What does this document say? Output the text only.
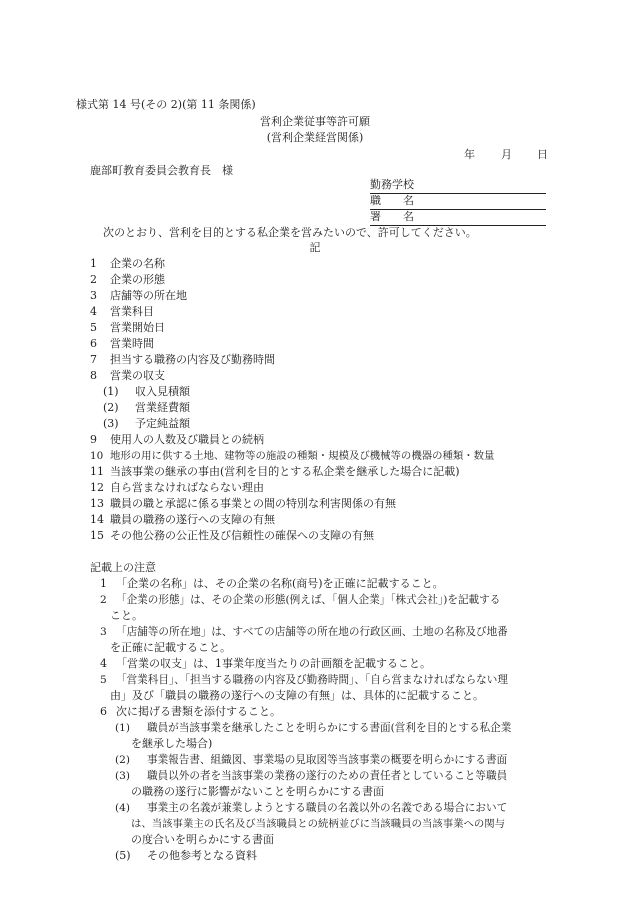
様式第 14 号(その 2)(第 11 条関係)
営利企業従事等許可願
(営利企業経営関係)
年 月 日
鹿部町教育委員会教育長　様
勤務学校
職　　名
署　　名
次のとおり、営利を目的とする私企業を営みたいので、許可してください。
記
1 企業の名称
2 企業の形態
3 店舗等の所在地
4 営業科目
5 営業開始日
6 営業時間
7 担当する職務の内容及び勤務時間
8 営業の収支
(1) 収入見積額
(2) 営業経費額
(3) 予定純益額
9 使用人の人数及び職員との続柄
10 地形の用に供する土地、建物等の施設の種類・規模及び機械等の機器の種類・数量
11 当該事業の継承の事由(営利を目的とする私企業を継承した場合に記載)
12 自ら営まなければならない理由
13 職員の職と承認に係る事業との間の特別な利害関係の有無
14 職員の職務の遂行への支障の有無
15 その他公務の公正性及び信頼性の確保への支障の有無
記載上の注意
1 「企業の名称」は、その企業の名称(商号)を正確に記載すること。
2 「企業の形態」は、その企業の形態(例えば、「個人企業」「株式会社」)を記載する
こと。
3 「店舗等の所在地」は、すべての店舗等の所在地の行政区画、土地の名称及び地番
を正確に記載すること。
4 「営業の収支」は、1事業年度当たりの計画額を記載すること。
5 「営業科目」、「担当する職務の内容及び勤務時間」、「自ら営まなければならない理
由」及び「職員の職務の遂行への支障の有無」は、具体的に記載すること。
6 次に掲げる書類を添付すること。
(1) 職員が当該事業を継承したことを明らかにする書面(営利を目的とする私企業
を継承した場合)
(2) 事業報告書、組織図、事業場の見取図等当該事業の概要を明らかにする書面
(3) 職員以外の者を当該事業の業務の遂行のための責任者としていること等職員
の職務の遂行に影響がないことを明らかにする書面
(4) 事業主の名義が兼業しようとする職員の名義以外の名義である場合において
は、当該事業主の氏名及び当該職員との続柄並びに当該職員の当該事業への関与
の度合いを明らかにする書面
(5) その他参考となる資料
